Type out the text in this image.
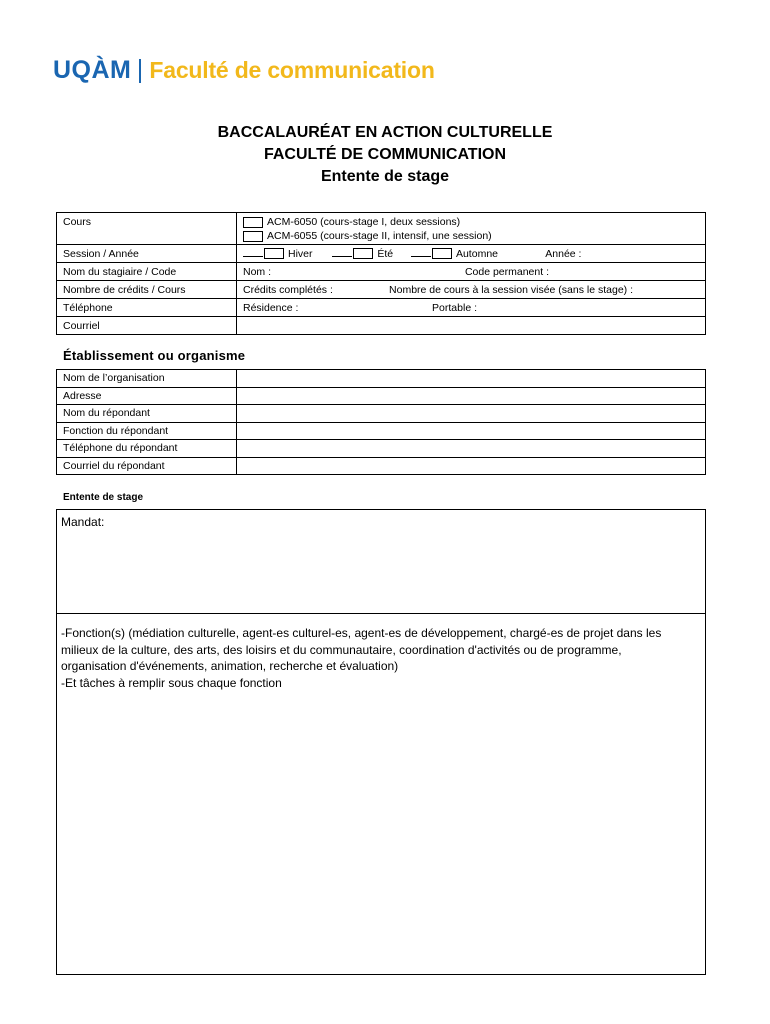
UQÀM Faculté de communication
BACCALAURÉAT EN ACTION CULTURELLE
FACULTÉ DE COMMUNICATION
Entente de stage
Cours	ACM-6050 (cours-stage I, deux sessions)
ACM-6055 (cours-stage II, intensif, une session)

Session / Année	Hiver Été Automne Année :
Nom du stagiaire / Code	Nom : Code permanent :

Nombre de crédits / Cours	Crédits complétés : Nombre de cours à la session visée (sans le stage) :

Téléphone	Résidence : Portable :

Courriel	
Établissement ou organisme
Nom de l’organisation	
Adresse	
Nom du répondant	
Fonction du répondant	
Téléphone du répondant	
Courriel du répondant	
Entente de stage
Mandat:
-Fonction(s) (médiation culturelle, agent-es culturel-es, agent-es de développement, chargé-es de projet dans les
milieux de la culture, des arts, des loisirs et du communautaire, coordination d'activités ou de programme,
organisation d'événements, animation, recherche et évaluation)
-Et tâches à remplir sous chaque fonction
